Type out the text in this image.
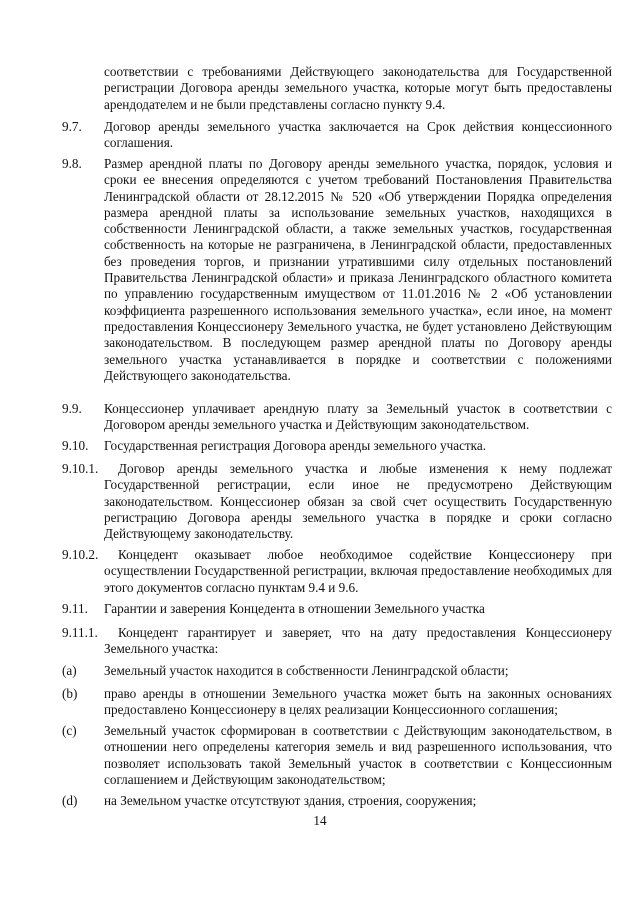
соответствии с требованиями Действующего законодательства для Государственной регистрации Договора аренды земельного участка, которые могут быть предоставлены арендодателем и не были представлены согласно пункту 9.4.

9.7. Договор аренды земельного участка заключается на Срок действия концессионного соглашения.

9.8. Размер арендной платы по Договору аренды земельного участка, порядок, условия и сроки ее внесения определяются с учетом требований Постановления Правительства Ленинградской области от 28.12.2015 № 520 «Об утверждении Порядка определения размера арендной платы за использование земельных участков, находящихся в собственности Ленинградской области, а также земельных участков, государственная собственность на которые не разграничена, в Ленинградской области, предоставленных без проведения торгов, и признании утратившими силу отдельных постановлений Правительства Ленинградской области» и приказа Ленинградского областного комитета по управлению государственным имуществом от 11.01.2016 № 2 «Об установлении коэффициента разрешенного использования земельного участка», если иное, на момент предоставления Концессионеру Земельного участка, не будет установлено Действующим законодательством. В последующем размер арендной платы по Договору аренды земельного участка устанавливается в порядке и соответствии с положениями Действующего законодательства.

9.9. Концессионер уплачивает арендную плату за Земельный участок в соответствии с Договором аренды земельного участка и Действующим законодательством.

9.10. Государственная регистрация Договора аренды земельного участка.

9.10.1.	Договор аренды земельного участка и любые изменения к нему подлежат Государственной регистрации, если иное не предусмотрено Действующим законодательством. Концессионер обязан за свой счет осуществить Государственную регистрацию Договора аренды земельного участка в порядке и сроки согласно Действующему законодательству.

9.10.2.	Концедент оказывает любое необходимое содействие Концессионеру при осуществлении Государственной регистрации, включая предоставление необходимых для этого документов согласно пунктам 9.4 и 9.6.

9.11. Гарантии и заверения Концедента в отношении Земельного участка

9.11.1.	Концедент гарантирует и заверяет, что на дату предоставления Концессионеру Земельного участка:

(a) Земельный участок находится в собственности Ленинградской области;

(b) право аренды в отношении Земельного участка может быть на законных основаниях предоставлено Концессионеру в целях реализации Концессионного соглашения;

(c) Земельный участок сформирован в соответствии с Действующим законодательством, в отношении него определены категория земель и вид разрешенного использования, что позволяет использовать такой Земельный участок в соответствии с Концессионным соглашением и Действующим законодательством;

(d) на Земельном участке отсутствуют здания, строения, сооружения;

14
